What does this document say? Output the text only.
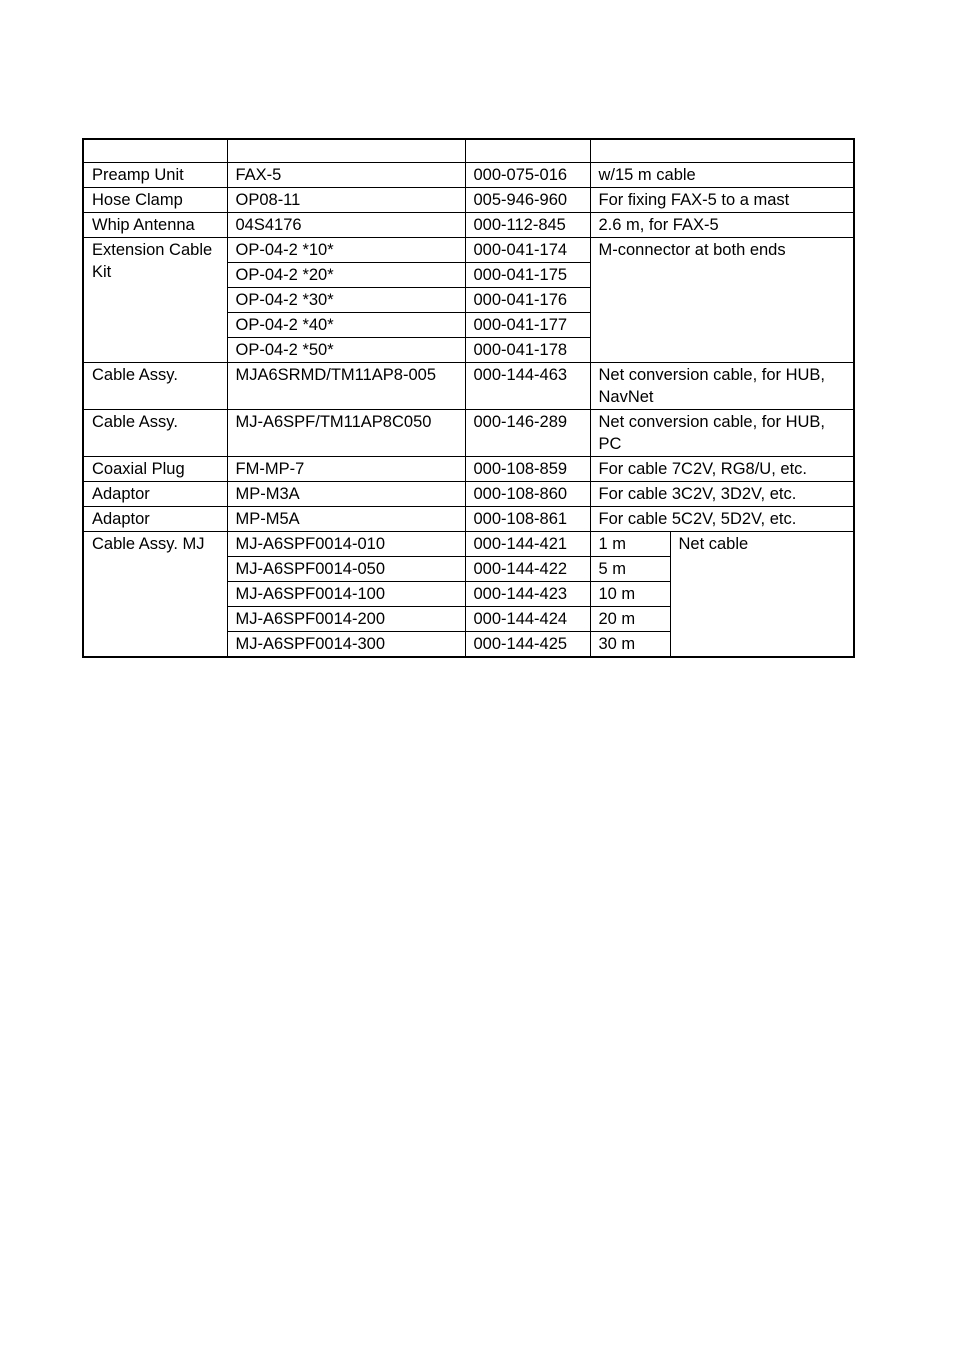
Preamp Unit	FAX-5	000-075-016	w/15 m cable	
Hose Clamp	OP08-11	005-946-960	For fixing FAX-5 to a mast	
Whip Antenna	04S4176	000-112-845	2.6 m, for FAX-5	
Extension Cable Kit	OP-04-2 *10*	000-041-174	M-connector at both ends	
	OP-04-2 *20*	000-041-175		
	OP-04-2 *30*	000-041-176		
	OP-04-2 *40*	000-041-177		
	OP-04-2 *50*	000-041-178		
Cable Assy.	MJA6SRMD/TM11AP8-005	000-144-463	Net conversion cable, for HUB, NavNet	
Cable Assy.	MJ-A6SPF/TM11AP8C050	000-146-289	Net conversion cable, for HUB, PC	
Coaxial Plug	FM-MP-7	000-108-859	For cable 7C2V, RG8/U, etc.	
Adaptor	MP-M3A	000-108-860	For cable 3C2V, 3D2V, etc.	
Adaptor	MP-M5A	000-108-861	For cable 5C2V, 5D2V, etc.	
Cable Assy. MJ	MJ-A6SPF0014-010	000-144-421	1 m	Net cable
	MJ-A6SPF0014-050	000-144-422	5 m	
	MJ-A6SPF0014-100	000-144-423	10 m	
	MJ-A6SPF0014-200	000-144-424	20 m	
	MJ-A6SPF0014-300	000-144-425	30 m	
